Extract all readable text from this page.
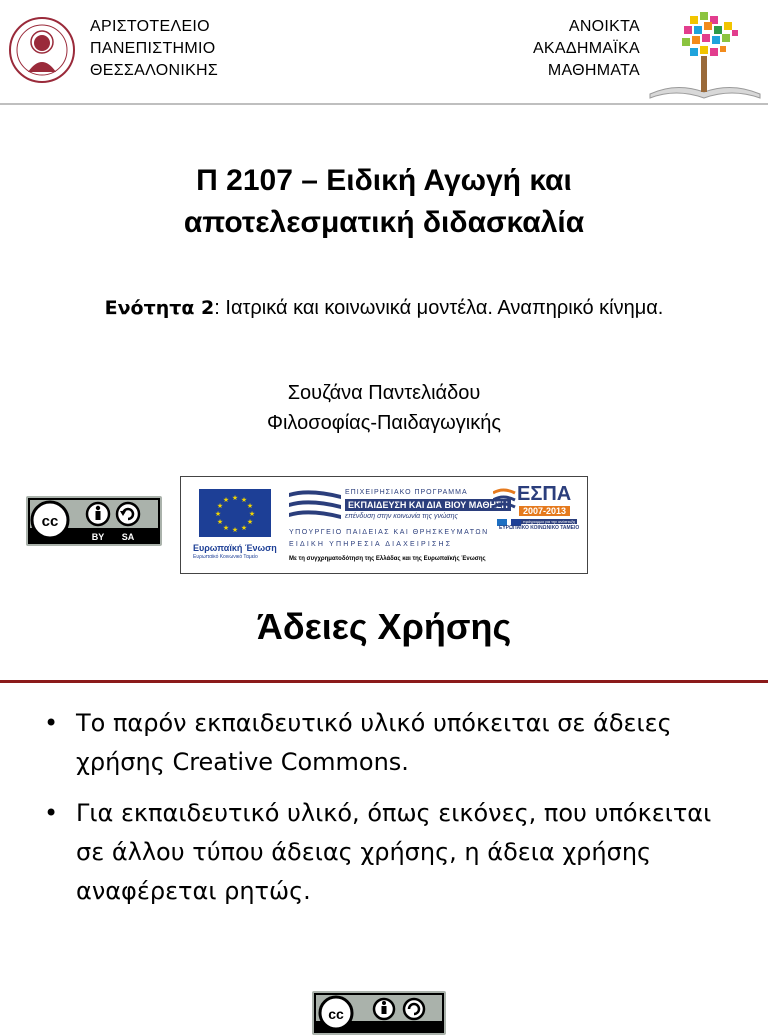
ΑΡΙΣΤΟΤΕΛΕΙΟ
ΠΑΝΕΠΙΣΤΗΜΙΟ
ΘΕΣΣΑΛΟΝΙΚΗΣ
ΑΝΟΙΚΤΑ
ΑΚΑΔΗΜΑΪΚΑ
ΜΑΘΗΜΑΤΑ
Π 2107 – Ειδική Αγωγή και
αποτελεσματική διδασκαλία
Ενότητα 2: Ιατρικά και κοινωνικά μοντέλα. Αναπηρικό κίνημα.
Σουζάνα Παντελιάδου
Φιλοσοφίας-Παιδαγωγικής
cc
BY SA
★ ★
★
★
★
★
★
★
★
★
★
★
Ευρωπαϊκή Ένωση
Ευρωπαϊκό Κοινωνικό Ταμείο
ΕΠΙΧΕΙΡΗΣΙΑΚΟ ΠΡΟΓΡΑΜΜΑ
ΕΚΠΑΙΔΕΥΣΗ ΚΑΙ ΔΙΑ ΒΙΟΥ ΜΑΘΗΣΗ
επένδυση στην κοινωνία της γνώσης
ΥΠΟΥΡΓΕΙΟ ΠΑΙΔΕΙΑΣ ΚΑΙ ΘΡΗΣΚΕΥΜΑΤΩΝ
ΕΙΔΙΚΗ ΥΠΗΡΕΣΙΑ ΔΙΑΧΕΙΡΙΣΗΣ
Με τη συγχρηματοδότηση της Ελλάδας και της Ευρωπαϊκής Ένωσης
ΕΣΠΑ
2007-2013
πρόγραμμα για την ανάπτυξη
ΕΥΡΩΠΑΪΚΟ ΚΟΙΝΩΝΙΚΟ ΤΑΜΕΙΟ
Άδειες Χρήσης
• Το παρόν εκπαιδευτικό υλικό υπόκειται σε άδειες χρήσης Creative Commons.
• Για εκπαιδευτικό υλικό, όπως εικόνες, που υπόκειται σε άλλου τύπου άδειας χρήσης, η άδεια χρήσης αναφέρεται ρητώς.
cc
